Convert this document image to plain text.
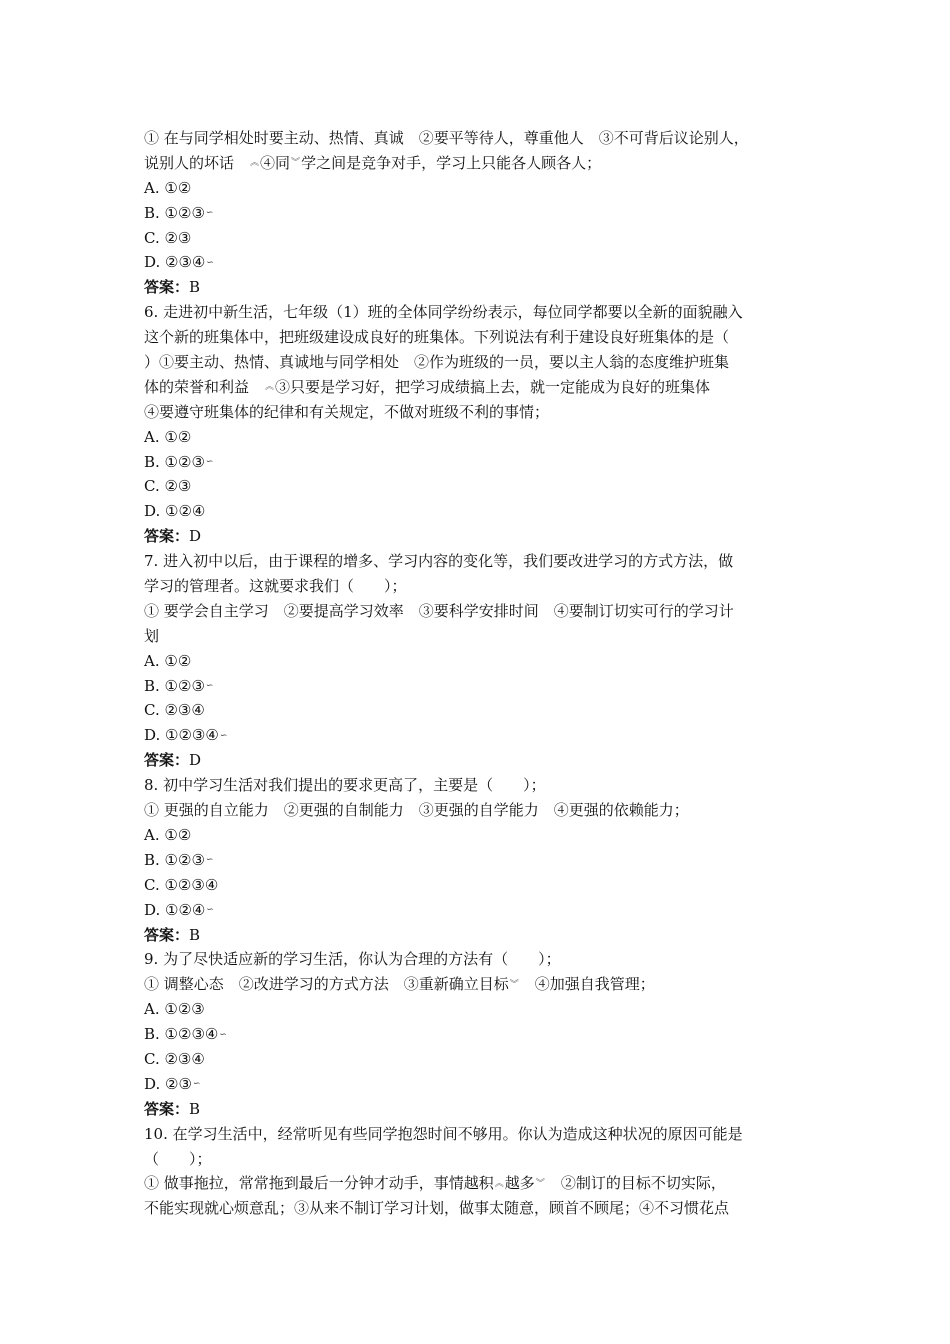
① 在与同学相处时要主动、热情、真诚　②要平等待人，尊重他人　③不可背后议论别人，
说别人的坏话　︽④同︾学之间是竞争对手，学习上只能各人顾各人；
A. ①②
B. ①②③∽
C. ②③
D. ②③④∽
答案：B
6. 走进初中新生活，七年级（1）班的全体同学纷纷表示，每位同学都要以全新的面貌融入
这个新的班集体中，把班级建设成良好的班集体。下列说法有利于建设良好班集体的是（
）①要主动、热情、真诚地与同学相处　②作为班级的一员，要以主人翁的态度维护班集
体的荣誉和利益　︽③只要是学习好，把学习成绩搞上去，就一定能成为良好的班集体
④要遵守班集体的纪律和有关规定，不做对班级不利的事情；
A. ①②
B. ①②③∽
C. ②③
D. ①②④
答案：D
7. 进入初中以后，由于课程的增多、学习内容的变化等，我们要改进学习的方式方法，做
学习的管理者。这就要求我们（　　）；
① 要学会自主学习　②要提高学习效率　③要科学安排时间　④要制订切实可行的学习计
划
A. ①②
B. ①②③∽
C. ②③④
D. ①②③④∽
答案：D
8. 初中学习生活对我们提出的要求更高了，主要是（　　）；
① 更强的自立能力　②更强的自制能力　③更强的自学能力　④更强的依赖能力；
A. ①②
B. ①②③∽
C. ①②③④
D. ①②④∽
答案：B
9. 为了尽快适应新的学习生活，你认为合理的方法有（　　）；
① 调整心态　②改进学习的方式方法　③重新确立目标︾　④加强自我管理；
A. ①②③
B. ①②③④∽
C. ②③④
D. ②③∽
答案：B
10. 在学习生活中，经常听见有些同学抱怨时间不够用。你认为造成这种状况的原因可能是
（　　）；
① 做事拖拉，常常拖到最后一分钟才动手，事情越积︽越多︾　②制订的目标不切实际，
不能实现就心烦意乱；③从来不制订学习计划，做事太随意，顾首不顾尾；④不习惯花点
